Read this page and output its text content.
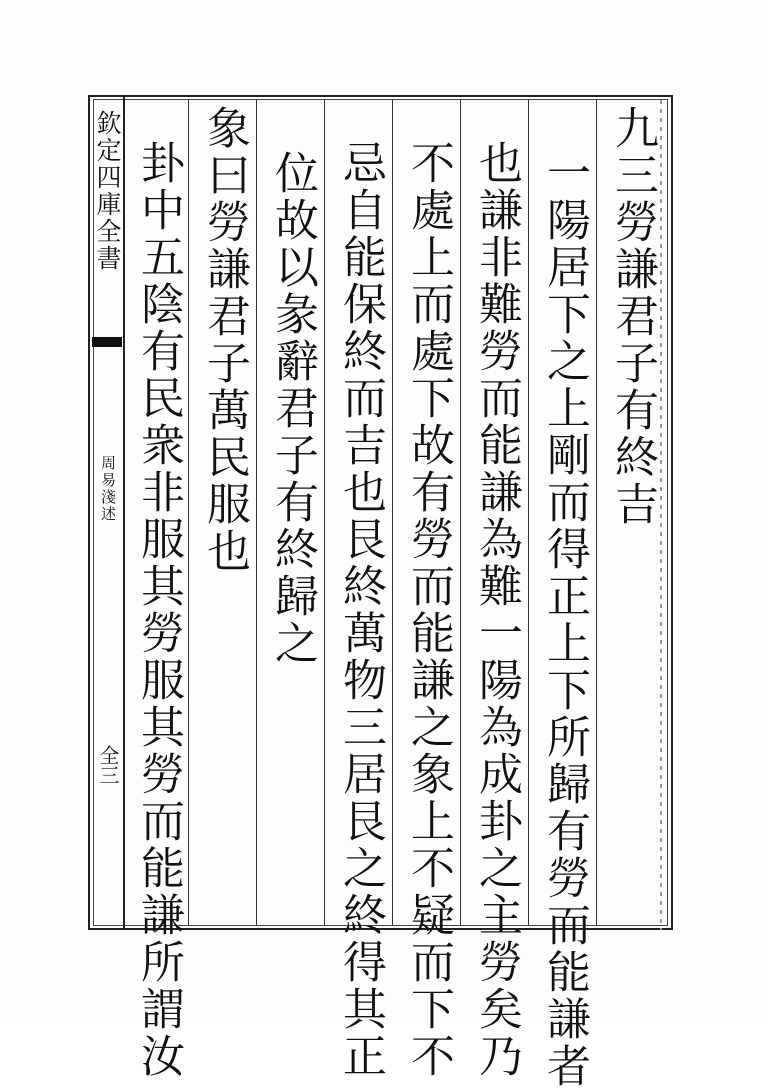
欽定四庫全書
周易淺述
全三
九三勞謙君子有終吉
一陽居下之上剛而得正上下所歸有勞而能謙者
也謙非難勞而能謙為難一陽為成卦之主勞矣乃
不處上而處下故有勞而能謙之象上不疑而下不
忌自能保終而吉也艮終萬物三居艮之終得其正
位故以彖辭君子有終歸之
象曰勞謙君子萬民服也
卦中五陰有民衆非服其勞服其勞而能謙所謂汝
